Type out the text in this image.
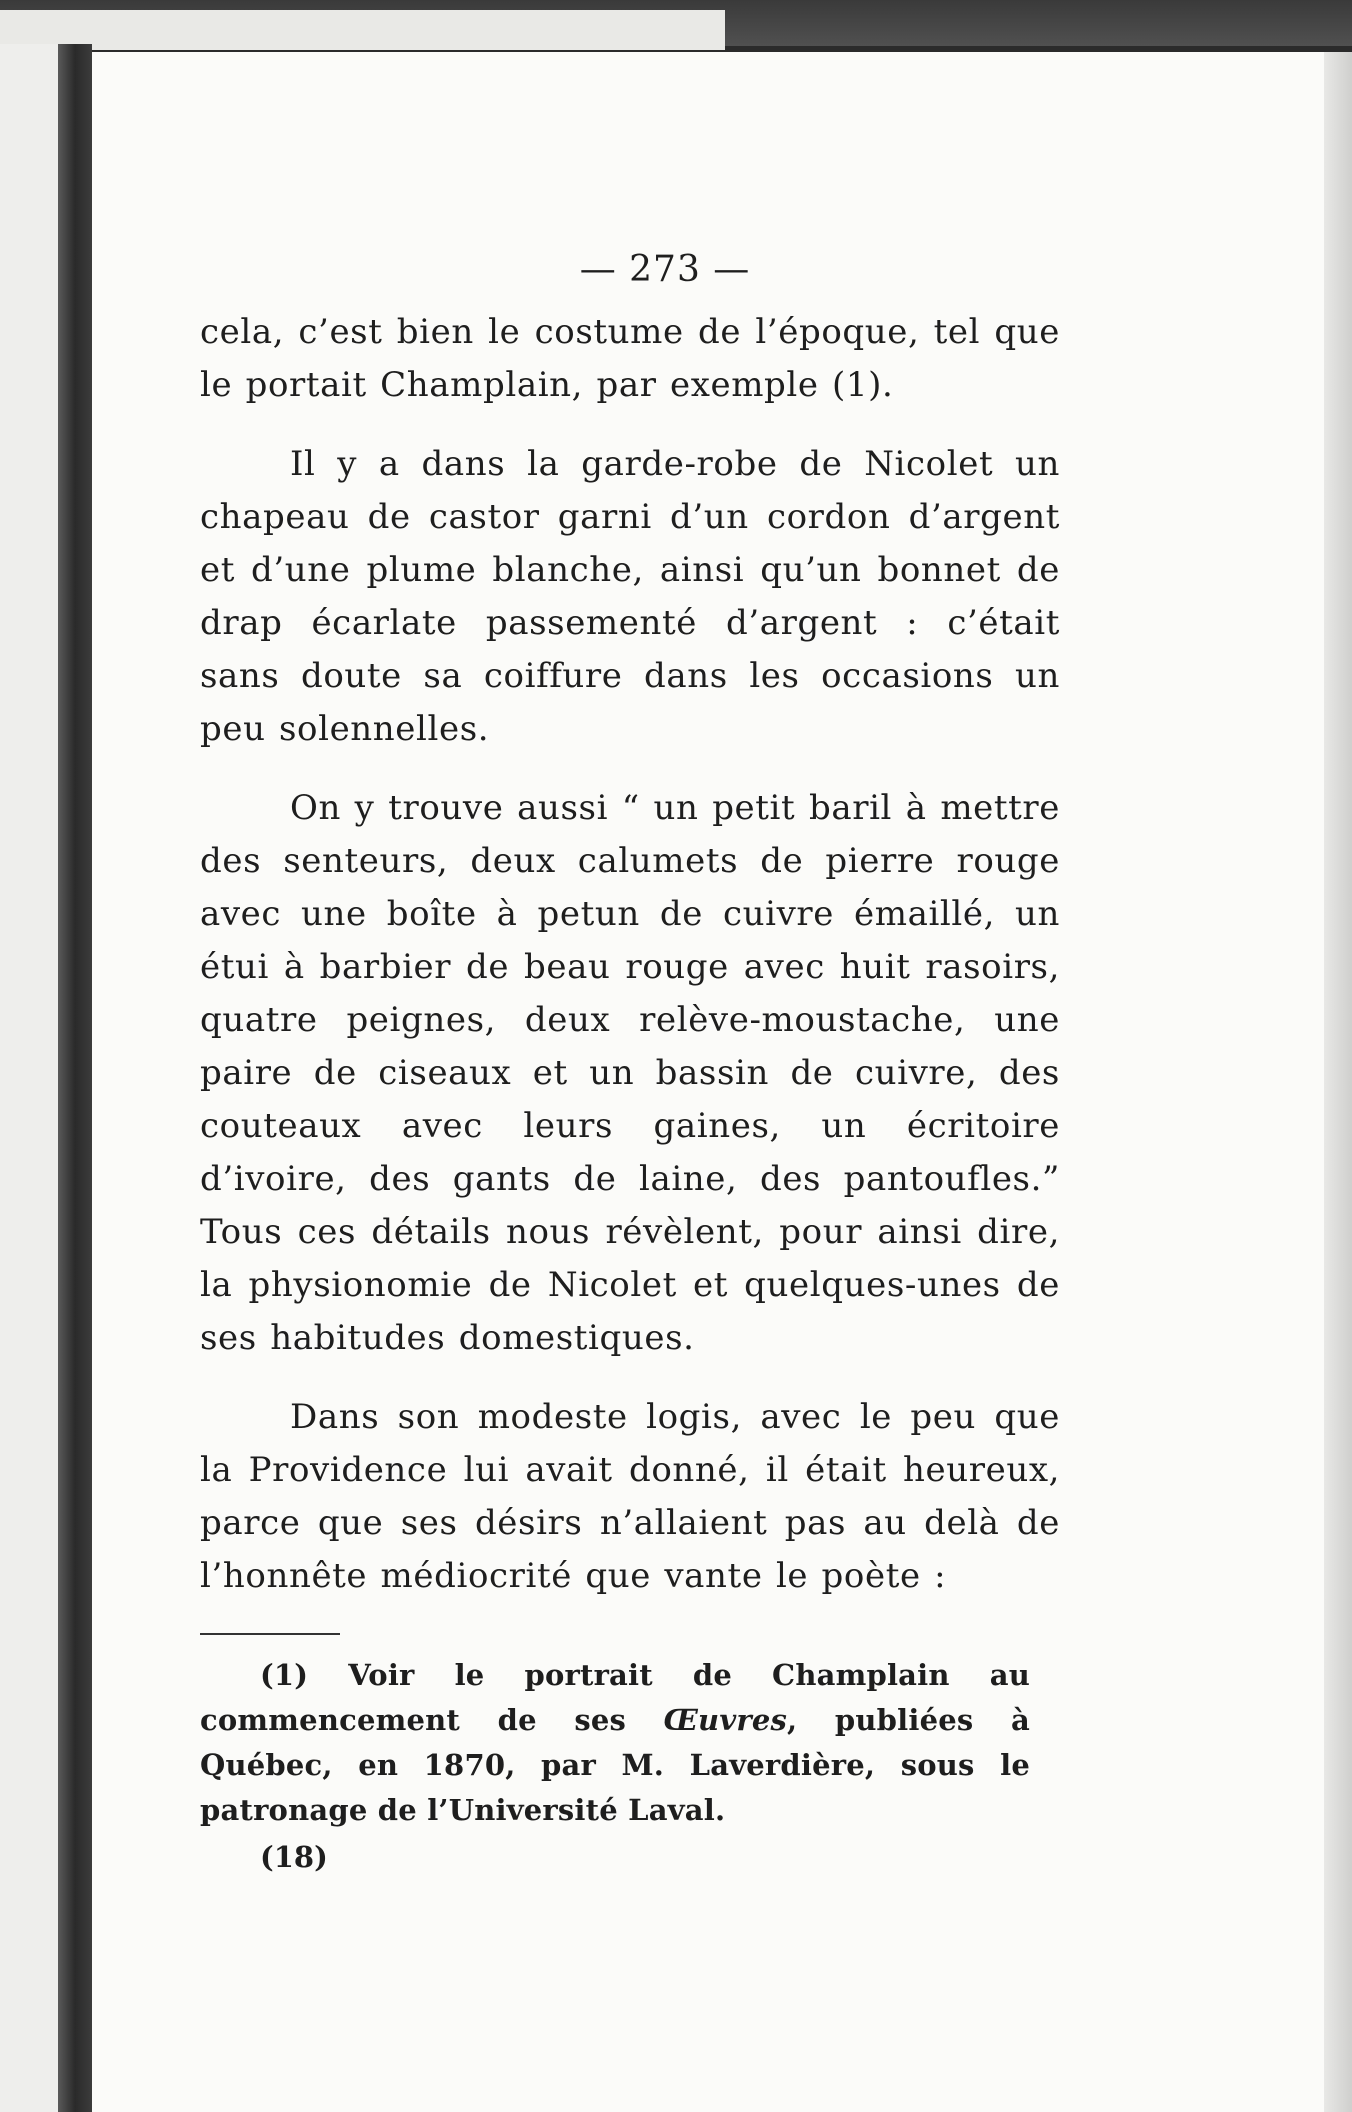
— 273 —

cela, c’est bien le costume de l’époque, tel que le portait Champlain, par exemple (1).

Il y a dans la garde-robe de Nicolet un chapeau de castor garni d’un cordon d’argent et d’une plume blanche, ainsi qu’un bonnet de drap écarlate passementé d’argent : c’était sans doute sa coiffure dans les occasions un peu solennelles.

On y trouve aussi “ un petit baril à mettre des senteurs, deux calumets de pierre rouge avec une boîte à petun de cuivre émaillé, un étui à barbier de beau rouge avec huit rasoirs, quatre peignes, deux relève-moustache, une paire de ciseaux et un bassin de cuivre, des couteaux avec leurs gaines, un écritoire d’ivoire, des gants de laine, des pantoufles.” Tous ces détails nous révèlent, pour ainsi dire, la physionomie de Nicolet et quelques-unes de ses habitudes domestiques.

Dans son modeste logis, avec le peu que la Providence lui avait donné, il était heureux, parce que ses désirs n’allaient pas au delà de l’honnête médiocrité que vante le poète :

(1) Voir le portrait de Champlain au commencement de ses Œuvres, publiées à Québec, en 1870, par M. Laverdière, sous le patronage de l’Université Laval.

(18)
